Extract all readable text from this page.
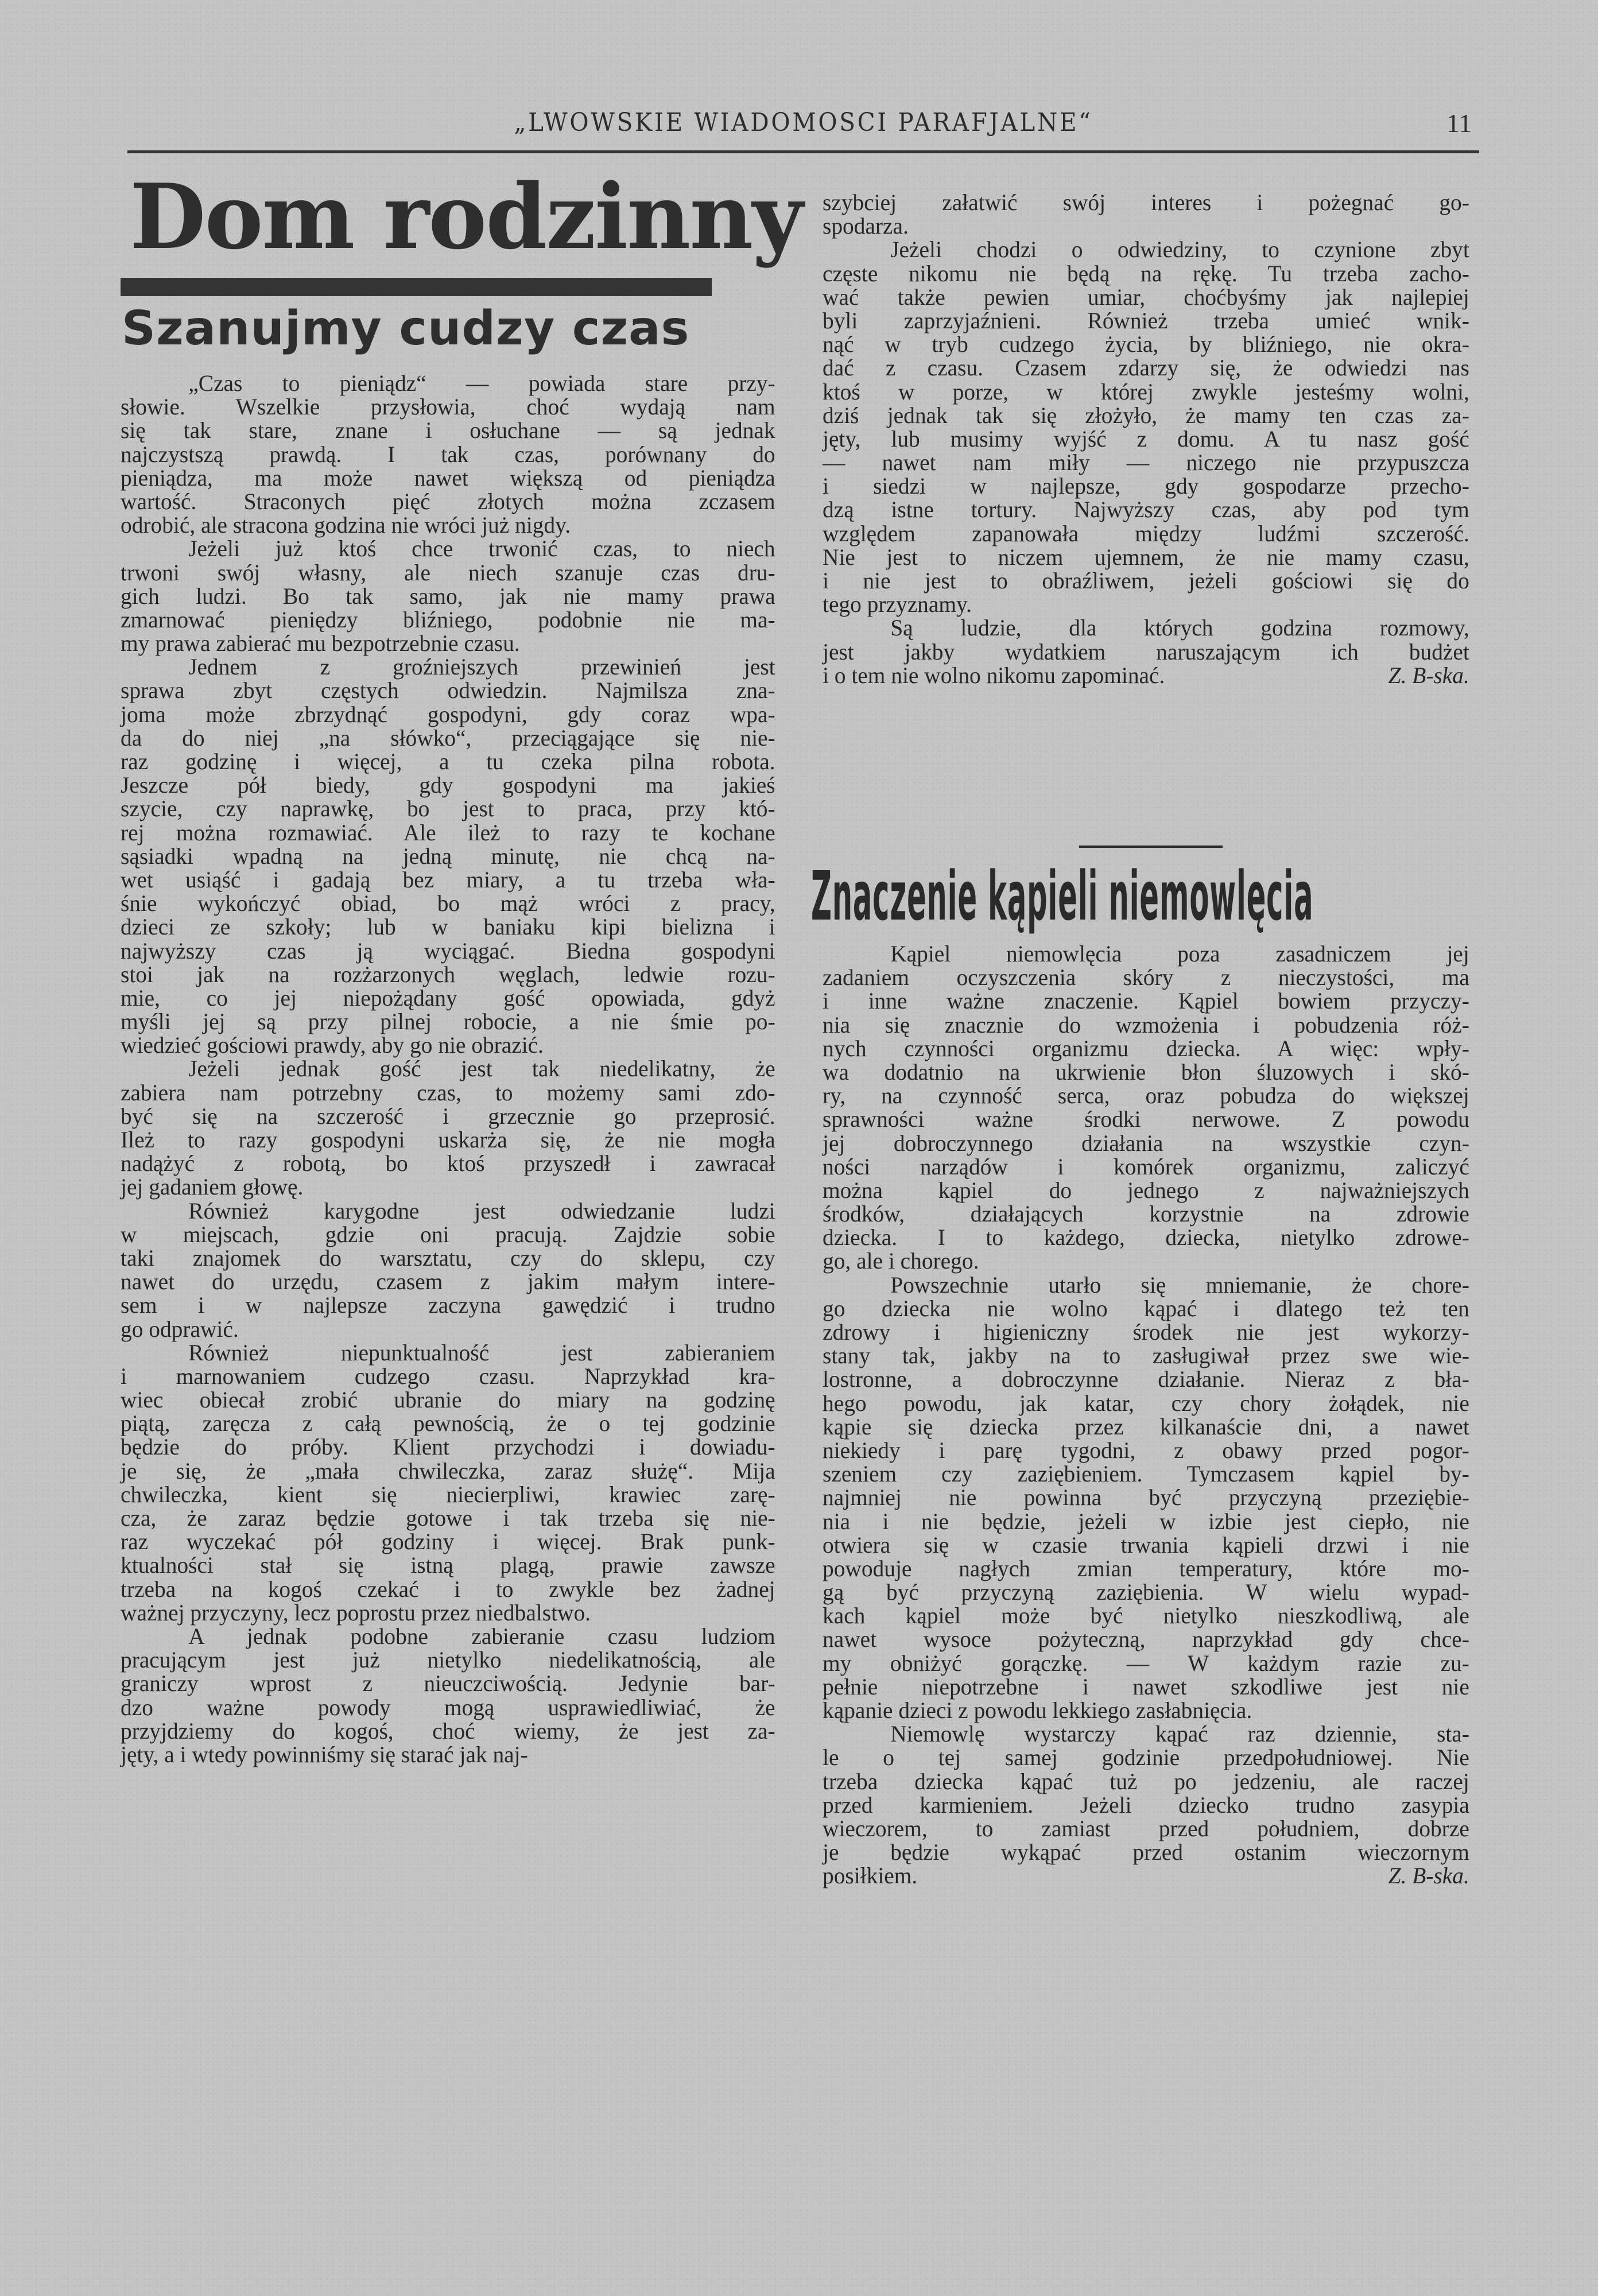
„LWOWSKIE WIADOMOSCI PARAFJALNE“	11
Dom rodzinny
Szanujmy cudzy czas
„Czas to pieniądz“ — powiada stare przy-
słowie. Wszelkie przysłowia, choć wydają nam
się tak stare, znane i osłuchane — są jednak
najczystszą prawdą. I tak czas, porównany do
pieniądza, ma może nawet większą od pieniądza
wartość. Straconych pięć złotych można zczasem
odrobić, ale stracona godzina nie wróci już nigdy.
Jeżeli już ktoś chce trwonić czas, to niech
trwoni swój własny, ale niech szanuje czas dru-
gich ludzi. Bo tak samo, jak nie mamy prawa
zmarnować pieniędzy bliźniego, podobnie nie ma-
my prawa zabierać mu bezpotrzebnie czasu.
Jednem z groźniejszych przewinień jest
sprawa zbyt częstych odwiedzin. Najmilsza zna-
joma może zbrzydnąć gospodyni, gdy coraz wpa-
da do niej „na słówko“, przeciągające się nie-
raz godzinę i więcej, a tu czeka pilna robota.
Jeszcze pół biedy, gdy gospodyni ma jakieś
szycie, czy naprawkę, bo jest to praca, przy któ-
rej można rozmawiać. Ale ileż to razy te kochane
sąsiadki wpadną na jedną minutę, nie chcą na-
wet usiąść i gadają bez miary, a tu trzeba wła-
śnie wykończyć obiad, bo mąż wróci z pracy,
dzieci ze szkoły; lub w baniaku kipi bielizna i
najwyższy czas ją wyciągać. Biedna gospodyni
stoi jak na rozżarzonych węglach, ledwie rozu-
mie, co jej niepożądany gość opowiada, gdyż
myśli jej są przy pilnej robocie, a nie śmie po-
wiedzieć gościowi prawdy, aby go nie obrazić.
Jeżeli jednak gość jest tak niedelikatny, że
zabiera nam potrzebny czas, to możemy sami zdo-
być się na szczerość i grzecznie go przeprosić.
Ileż to razy gospodyni uskarża się, że nie mogła
nadążyć z robotą, bo ktoś przyszedł i zawracał
jej gadaniem głowę.
Również karygodne jest odwiedzanie ludzi
w miejscach, gdzie oni pracują. Zajdzie sobie
taki znajomek do warsztatu, czy do sklepu, czy
nawet do urzędu, czasem z jakim małym intere-
sem i w najlepsze zaczyna gawędzić i trudno
go odprawić.
Również niepunktualność jest zabieraniem
i marnowaniem cudzego czasu. Naprzykład kra-
wiec obiecał zrobić ubranie do miary na godzinę
piątą, zaręcza z całą pewnością, że o tej godzinie
będzie do próby. Klient przychodzi i dowiadu-
je się, że „mała chwileczka, zaraz służę“. Mija
chwileczka, kient się niecierpliwi, krawiec zarę-
cza, że zaraz będzie gotowe i tak trzeba się nie-
raz wyczekać pół godziny i więcej. Brak punk-
ktualności stał się istną plagą, prawie zawsze
trzeba na kogoś czekać i to zwykle bez żadnej
ważnej przyczyny, lecz poprostu przez niedbalstwo.
A jednak podobne zabieranie czasu ludziom
pracującym jest już nietylko niedelikatnością, ale
graniczy wprost z nieuczciwością. Jedynie bar-
dzo ważne powody mogą usprawiedliwiać, że
przyjdziemy do kogoś, choć wiemy, że jest za-
jęty, a i wtedy powinniśmy się starać jak naj-
szybciej załatwić swój interes i pożegnać go-
spodarza.
Jeżeli chodzi o odwiedziny, to czynione zbyt
częste nikomu nie będą na rękę. Tu trzeba zacho-
wać także pewien umiar, choćbyśmy jak najlepiej
byli zaprzyjaźnieni. Również trzeba umieć wnik-
nąć w tryb cudzego życia, by bliźniego, nie okra-
dać z czasu. Czasem zdarzy się, że odwiedzi nas
ktoś w porze, w której zwykle jesteśmy wolni,
dziś jednak tak się złożyło, że mamy ten czas za-
jęty, lub musimy wyjść z domu. A tu nasz gość
— nawet nam miły — niczego nie przypuszcza
i siedzi w najlepsze, gdy gospodarze przecho-
dzą istne tortury. Najwyższy czas, aby pod tym
względem zapanowała między ludźmi szczerość.
Nie jest to niczem ujemnem, że nie mamy czasu,
i nie jest to obraźliwem, jeżeli gościowi się do
tego przyznamy.
Są ludzie, dla których godzina rozmowy,
jest jakby wydatkiem naruszającym ich budżet
i o tem nie wolno nikomu zapominać.	Z. B-ska.
Znaczenie kąpieli niemowlęcia
Kąpiel niemowlęcia poza zasadniczem jej
zadaniem oczyszczenia skóry z nieczystości, ma
i inne ważne znaczenie. Kąpiel bowiem przyczy-
nia się znacznie do wzmożenia i pobudzenia róż-
nych czynności organizmu dziecka. A więc: wpły-
wa dodatnio na ukrwienie błon śluzowych i skó-
ry, na czynność serca, oraz pobudza do większej
sprawności ważne środki nerwowe. Z powodu
jej dobroczynnego działania na wszystkie czyn-
ności narządów i komórek organizmu, zaliczyć
można kąpiel do jednego z najważniejszych
środków, działających korzystnie na zdrowie
dziecka. I to każdego, dziecka, nietylko zdrowe-
go, ale i chorego.
Powszechnie utarło się mniemanie, że chore-
go dziecka nie wolno kąpać i dlatego też ten
zdrowy i higieniczny środek nie jest wykorzy-
stany tak, jakby na to zasługiwał przez swe wie-
lostronne, a dobroczynne działanie. Nieraz z bła-
hego powodu, jak katar, czy chory żołądek, nie
kąpie się dziecka przez kilkanaście dni, a nawet
niekiedy i parę tygodni, z obawy przed pogor-
szeniem czy zaziębieniem. Tymczasem kąpiel by-
najmniej nie powinna być przyczyną przeziębie-
nia i nie będzie, jeżeli w izbie jest ciepło, nie
otwiera się w czasie trwania kąpieli drzwi i nie
powoduje nagłych zmian temperatury, które mo-
gą być przyczyną zaziębienia. W wielu wypad-
kach kąpiel może być nietylko nieszkodliwą, ale
nawet wysoce pożyteczną, naprzykład gdy chce-
my obniżyć gorączkę. — W każdym razie zu-
pełnie niepotrzebne i nawet szkodliwe jest nie
kąpanie dzieci z powodu lekkiego zasłabnięcia.
Niemowlę wystarczy kąpać raz dziennie, sta-
le o tej samej godzinie przedpołudniowej. Nie
trzeba dziecka kąpać tuż po jedzeniu, ale raczej
przed karmieniem. Jeżeli dziecko trudno zasypia
wieczorem, to zamiast przed południem, dobrze
je będzie wykąpać przed ostanim wieczornym
posiłkiem.	Z. B-ska.
